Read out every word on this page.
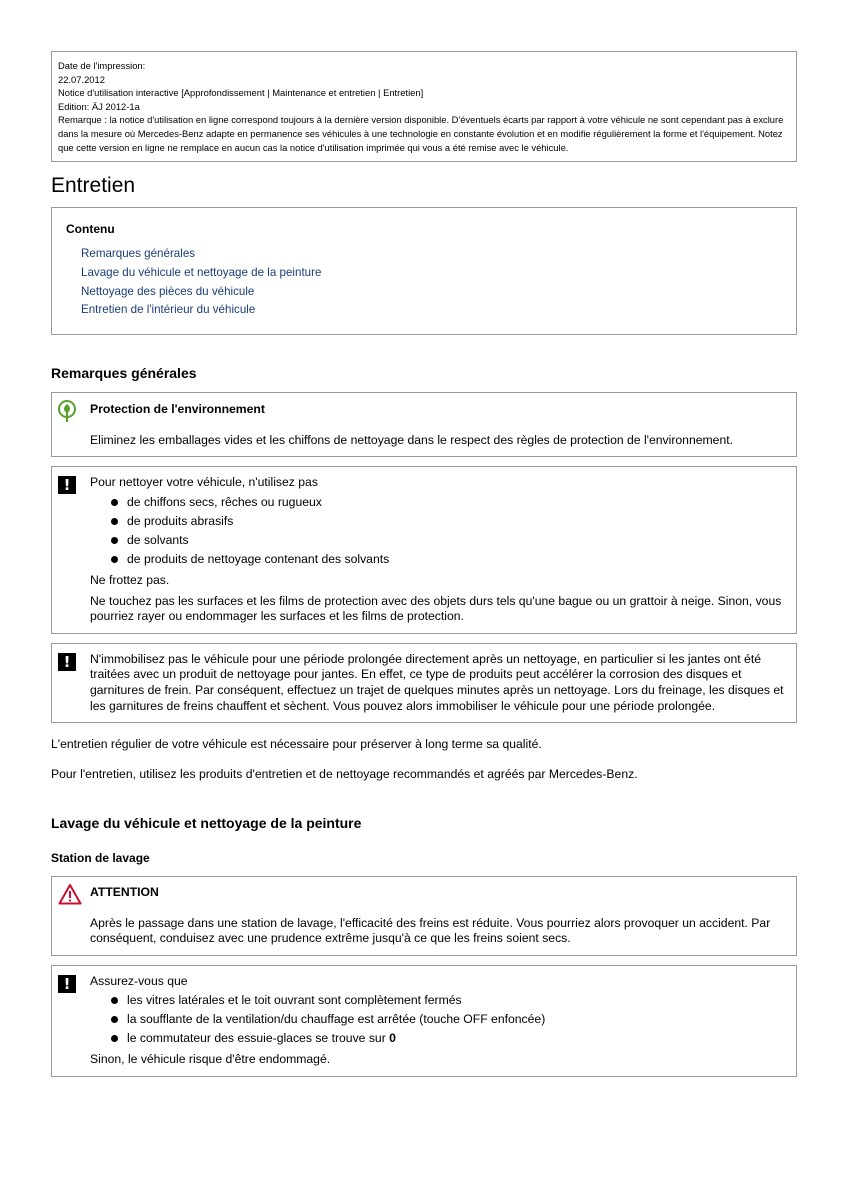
Date de l'impression:
22.07.2012
Notice d'utilisation interactive [Approfondissement | Maintenance et entretien | Entretien]
Edition: ÄJ 2012-1a
Remarque : la notice d'utilisation en ligne correspond toujours à la dernière version disponible. D'éventuels écarts par rapport à votre véhicule ne sont cependant pas à exclure dans la mesure où Mercedes-Benz adapte en permanence ses véhicules à une technologie en constante évolution et en modifie régulièrement la forme et l'équipement. Notez que cette version en ligne ne remplace en aucun cas la notice d'utilisation imprimée qui vous a été remise avec le véhicule.
Entretien
Contenu
Remarques générales
Lavage du véhicule et nettoyage de la peinture
Nettoyage des pièces du véhicule
Entretien de l'intérieur du véhicule
Remarques générales
Protection de l'environnement

Eliminez les emballages vides et les chiffons de nettoyage dans le respect des règles de protection de l'environnement.

!	Pour nettoyer votre véhicule, n'utilisez pas

de chiffons secs, rêches ou rugueux
de produits abrasifs
de solvants
de produits de nettoyage contenant des solvants

Ne frottez pas.

Ne touchez pas les surfaces et les films de protection avec des objets durs tels qu'une bague ou un grattoir à neige. Sinon, vous pourriez rayer ou endommager les surfaces et les films de protection.

!	N'immobilisez pas le véhicule pour une période prolongée directement après un nettoyage, en particulier si les jantes ont été traitées avec un produit de nettoyage pour jantes. En effet, ce type de produits peut accélérer la corrosion des disques et garnitures de frein. Par conséquent, effectuez un trajet de quelques minutes après un nettoyage. Lors du freinage, les disques et les garnitures de freins chauffent et sèchent. Vous pouvez alors immobiliser le véhicule pour une période prolongée.

L'entretien régulier de votre véhicule est nécessaire pour préserver à long terme sa qualité.

Pour l'entretien, utilisez les produits d'entretien et de nettoyage recommandés et agréés par Mercedes-Benz.

Lavage du véhicule et nettoyage de la peinture
Station de lavage
ATTENTION

Après le passage dans une station de lavage, l'efficacité des freins est réduite. Vous pourriez alors provoquer un accident. Par conséquent, conduisez avec une prudence extrême jusqu'à ce que les freins soient secs.

!	Assurez-vous que

les vitres latérales et le toit ouvrant sont complètement fermés
la soufflante de la ventilation/du chauffage est arrêtée (touche OFF enfoncée)
le commutateur des essuie-glaces se trouve sur 0

Sinon, le véhicule risque d'être endommagé.
